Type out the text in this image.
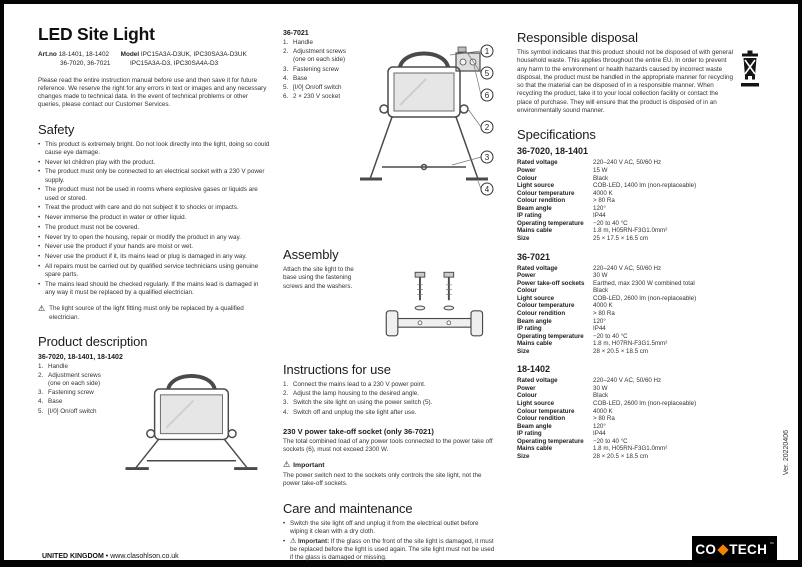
LED Site Light
Art.no 18-1401, 18-1402 Model IPC15A3A-D3UK, IPC30SA3A-D3UK
36-7020, 36-7021	IPC15A3A-D3, IPC30SA4A-D3

Please read the entire instruction manual before use and then save it for future reference. We reserve the right for any errors in text or images and any necessary changes made to technical data. In the event of technical problems or other queries, please contact our Customer Services.

Safety
• This product is extremely bright. Do not look directly into the light, doing so could cause eye damage.
• Never let children play with the product.
• The product must only be connected to an electrical socket with a 230 V power supply.
• The product must not be used in rooms where explosive gases or liquids are used or stored.
• Treat the product with care and do not subject it to shocks or impacts.
• Never immerse the product in water or other liquid.
• The product must not be covered.
• Never try to open the housing, repair or modify the product in any way.
• Never use the product if your hands are moist or wet.
• Never use the product if it, its mains lead or plug is damaged in any way.
• All repairs must be carried out by qualified service technicians using genuine spare parts.
• The mains lead should be checked regularly. If the mains lead is damaged in any way it must be replaced by a qualified electrician.
⚠ The light source of the light fitting must only be replaced by a qualified electrician.
Product description
36-7020, 18-1401, 18-1402
Handle
Adjustment screws (one on each side)
Fastening screw
Base
[I/0] On/off switch
36-7021
Handle
Adjustment screws (one on each side)
Fastening screw
Base
[I/0] On/off switch
2 × 230 V socket
1
5
6
2
3
4
Assembly

Attach the site light to the base using the fastening screws and the washers.

Instructions for use
Connect the mains lead to a 230 V power point.
Adjust the lamp housing to the desired angle.
Switch the site light on using the power switch (5).
Switch off and unplug the site light after use.
230 V power take-off socket (only 36-7021)

The total combined load of any power tools connected to the power take off sockets (6), must not exceed 2300 W.

⚠ Important

The power switch next to the sockets only controls the site light, not the power take-off sockets.

Care and maintenance
• Switch the site light off and unplug it from the electrical outlet before wiping it clean with a dry cloth.
• ⚠ Important: If the glass on the front of the site light is damaged, it must be replaced before the light is used again. The site light must not be used if the glass is damaged or missing.
Responsible disposal

This symbol indicates that this product should not be disposed of with general household waste. This applies throughout the entire EU. In order to prevent any harm to the environment or health hazards caused by incorrect waste disposal, the product must be handled in the appropriate manner for recycling so that the material can be disposed of in a responsible manner. When recycling the product, take it to your local collection facility or contact the place of purchase. They will ensure that the product is disposed of in an environmentally sound manner.

Specifications
36-7020, 18-1401
Rated voltage	220–240 V AC, 50/60 Hz
Power	15 W
Colour	Black
Light source	COB-LED, 1400 lm (non-replaceable)
Colour temperature	4000 K
Colour rendition	> 80 Ra
Beam angle	120°
IP rating	IP44
Operating temperature	−20 to 40 °C
Mains cable	1.8 m, H05RN-F3G1.0mm²
Size	25 × 17.5 × 16.5 cm
36-7021
Rated voltage	220–240 V AC, 50/60 Hz
Power	30 W
Power take-off sockets	Earthed, max 2300 W combined total
Colour	Black
Light source	COB-LED, 2600 lm (non-replaceable)
Colour temperature	4000 K
Colour rendition	> 80 Ra
Beam angle	120°
IP rating	IP44
Operating temperature	−20 to 40 °C
Mains cable	1.8 m, H07RN-F3G1.5mm²
Size	28 × 20.5 × 18.5 cm
18-1402
Rated voltage	220–240 V AC, 50/60 Hz
Power	30 W
Colour	Black
Light source	COB-LED, 2600 lm (non-replaceable)
Colour temperature	4000 K
Colour rendition	> 80 Ra
Beam angle	120°
IP rating	IP44
Operating temperature	−20 to 40 °C
Mains cable	1.8 m, H05RN-F3G1.0mm²
Size	28 × 20.5 × 18.5 cm
UNITED KINGDOM • www.clasohlson.co.uk
Ver. 20220406
CO TECH ™
